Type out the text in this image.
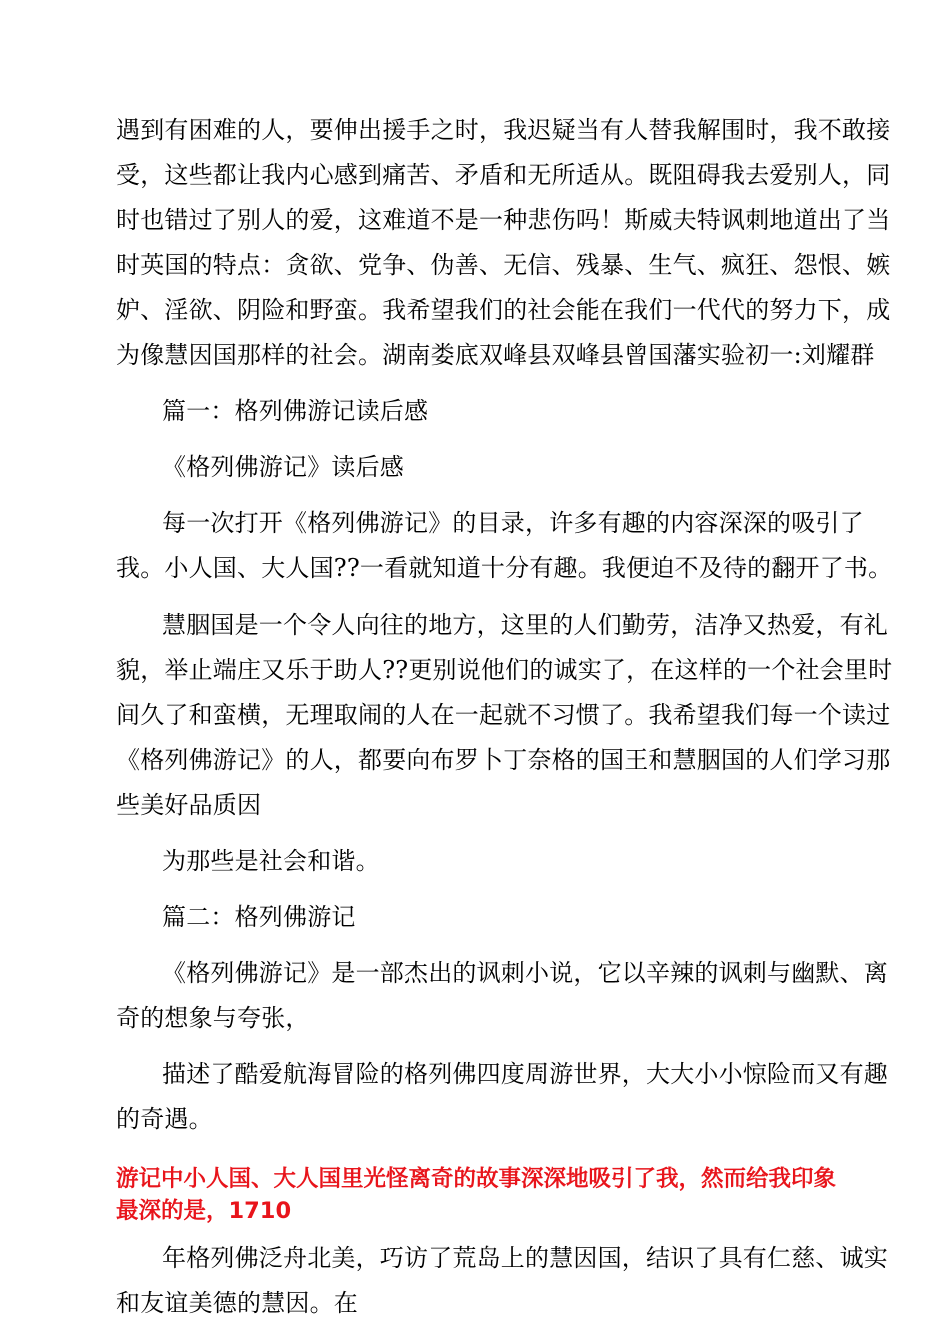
遇到有困难的人，要伸出援手之时，我迟疑当有人替我解围时，我不敢接
受，这些都让我内心感到痛苦、矛盾和无所适从。既阻碍我去爱别人，同
时也错过了别人的爱，这难道不是一种悲伤吗！斯威夫特讽刺地道出了当
时英国的特点：贪欲、党争、伪善、无信、残暴、生气、疯狂、怨恨、嫉
妒、淫欲、阴险和野蛮。我希望我们的社会能在我们一代代的努力下，成
为像慧因国那样的社会。湖南娄底双峰县双峰县曾国藩实验初一:刘耀群
篇一：格列佛游记读后感
《格列佛游记》读后感
每一次打开《格列佛游记》的目录，许多有趣的内容深深的吸引了
我。小人国、大人国??一看就知道十分有趣。我便迫不及待的翻开了书。
慧胭国是一个令人向往的地方，这里的人们勤劳，洁净又热爱，有礼
貌，举止端庄又乐于助人??更别说他们的诚实了，在这样的一个社会里时
间久了和蛮横，无理取闹的人在一起就不习惯了。我希望我们每一个读过
《格列佛游记》的人，都要向布罗卜丁奈格的国王和慧胭国的人们学习那
些美好品质因
为那些是社会和谐。
篇二：格列佛游记
《格列佛游记》是一部杰出的讽刺小说，它以辛辣的讽刺与幽默、离
奇的想象与夸张，
描述了酷爱航海冒险的格列佛四度周游世界，大大小小惊险而又有趣
的奇遇。
游记中小人国、大人国里光怪离奇的故事深深地吸引了我，然而给我印象
最深的是，1710
年格列佛泛舟北美，巧访了荒岛上的慧因国，结识了具有仁慈、诚实
和友谊美德的慧因。在
